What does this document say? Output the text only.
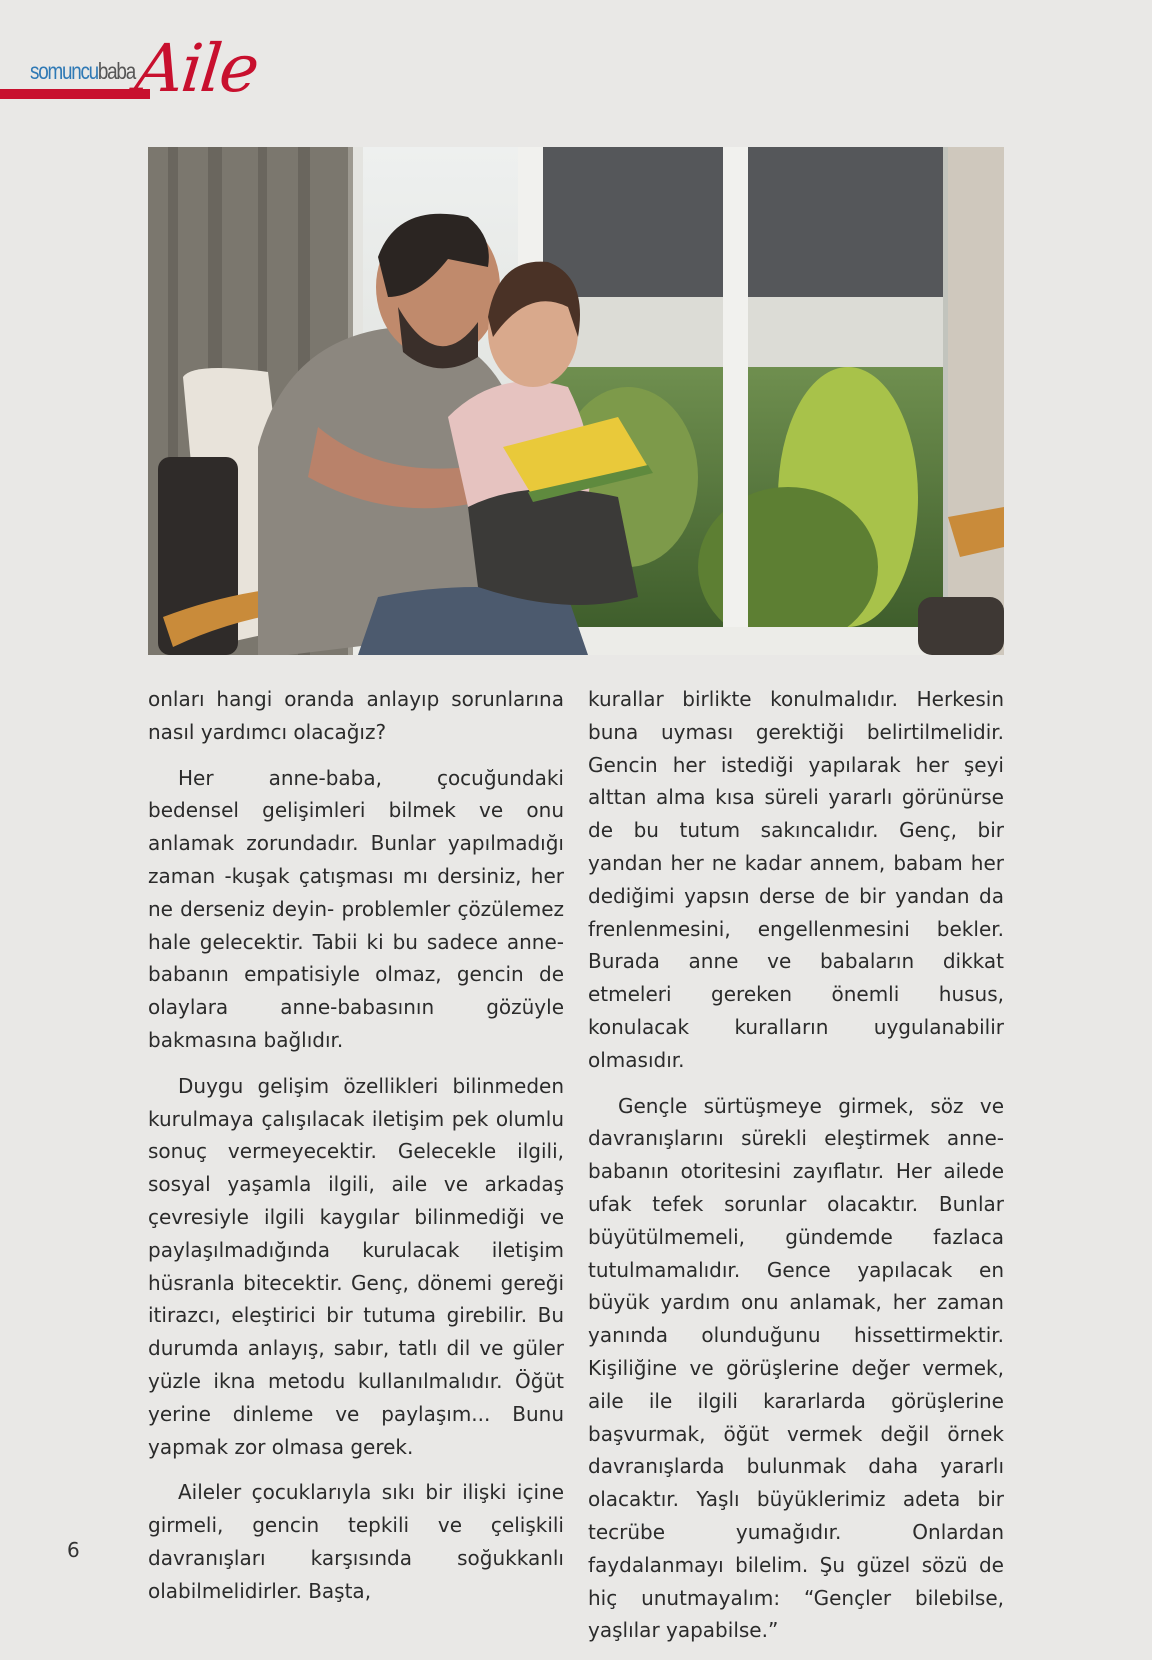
somuncubaba
Aile

onları hangi oranda anlayıp sorunlarına nasıl yardımcı olacağız?

Her anne-baba, çocuğundaki bedensel gelişimleri bilmek ve onu anlamak zorundadır. Bunlar yapılmadığı zaman -kuşak çatışması mı dersiniz, her ne derseniz deyin- problemler çözülemez hale gelecektir. Tabii ki bu sadece anne-babanın empatisiyle olmaz, gencin de olaylara anne-babasının gözüyle bakmasına bağlıdır.

Duygu gelişim özellikleri bilinmeden kurulmaya çalışılacak iletişim pek olumlu sonuç vermeyecektir. Gelecekle ilgili, sosyal yaşamla ilgili, aile ve arkadaş çevresiyle ilgili kaygılar bilinmediği ve paylaşılmadığında kurulacak iletişim hüsranla bitecektir. Genç, dönemi gereği itirazcı, eleştirici bir tutuma girebilir. Bu durumda anlayış, sabır, tatlı dil ve güler yüzle ikna metodu kullanılmalıdır. Öğüt yerine dinleme ve paylaşım... Bunu yapmak zor olmasa gerek.

Aileler çocuklarıyla sıkı bir ilişki içine girmeli, gencin tepkili ve çelişkili davranışları karşısında soğukkanlı olabilmelidirler. Başta,

kurallar birlikte konulmalıdır. Herkesin buna uyması gerektiği belirtilmelidir. Gencin her istediği yapılarak her şeyi alttan alma kısa süreli yararlı görünürse de bu tutum sakıncalıdır. Genç, bir yandan her ne kadar annem, babam her dediğimi yapsın derse de bir yandan da frenlenmesini, engellenmesini bekler. Burada anne ve babaların dikkat etmeleri gereken önemli husus, konulacak kuralların uygulanabilir olmasıdır.

Gençle sürtüşmeye girmek, söz ve davranışlarını sürekli eleştirmek anne-babanın otoritesini zayıflatır. Her ailede ufak tefek sorunlar olacaktır. Bunlar büyütülmemeli, gündemde fazlaca tutulmamalıdır. Gence yapılacak en büyük yardım onu anlamak, her zaman yanında olunduğunu hissettirmektir. Kişiliğine ve görüşlerine değer vermek, aile ile ilgili kararlarda görüşlerine başvurmak, öğüt vermek değil örnek davranışlarda bulunmak daha yararlı olacaktır. Yaşlı büyüklerimiz adeta bir tecrübe yumağıdır. Onlardan faydalanmayı bilelim. Şu güzel sözü de hiç unutmayalım: “Gençler bilebilse, yaşlılar yapabilse.”

6
